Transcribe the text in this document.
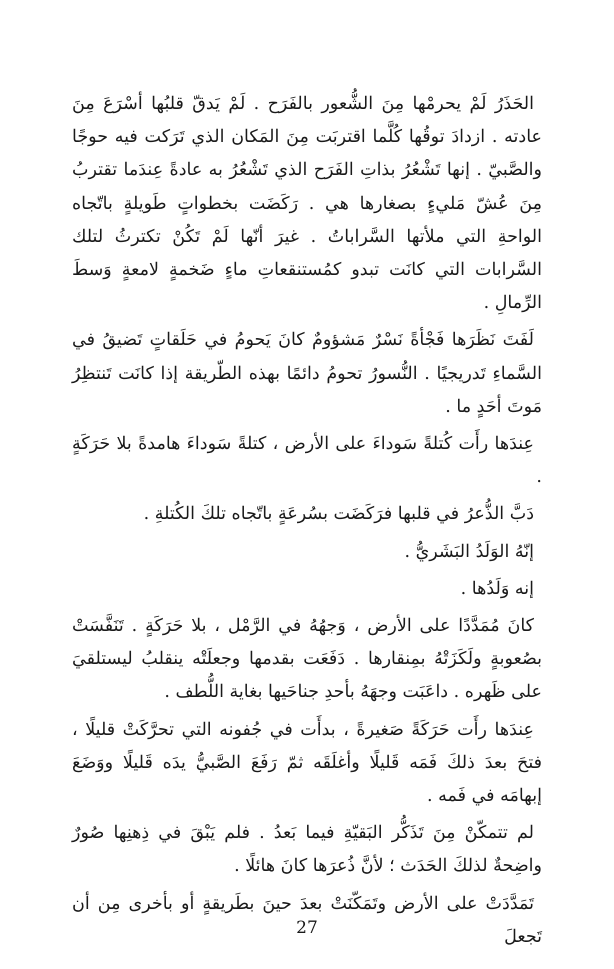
الحَذَرُ لَمْ يحرمْها مِنَ الشُّعور بالفَرَح . لَمْ يَدقّ قلبُها أسْرَعَ مِنَ عادته . ازدادَ توقُها كُلَّما اقتربَت مِنَ المَكان الذي تَرَكت فيه حوجًا والصَّبيّ . إنها تَشْعُرُ بذاتِ الفَرَح الذي تَشْعُرُ به عادةً عِندَما تقتربُ مِنَ عُشّ مَليءٍ بصغارها هي . رَكَضَت بخطواتٍ طَويلةٍ باتّجاه الواحةِ التي ملأتها السَّراباتُ . غيرَ أنّها لَمْ تَكُنْ تكترثُ لتلك السَّرابات التي كانَت تبدو كمُستنقعاتِ ماءٍ ضَخمةٍ لامعةٍ وَسطَ الرِّمالِ .

لَفَتَ نَظَرَها فَجْأةً نَسْرٌ مَشؤومٌ كانَ يَحومُ في حَلَقاتٍ تَضيقُ في السَّماءِ تَدريجيًا . النُّسورُ تحومُ دائمًا بهذه الطّريقة إذا كانَت تَنتظِرُ مَوتَ أحَدٍ ما .

عِندَها رأَت كُتلةً سَوداءَ على الأرض ، كتلةً سَوداءَ هامدةً بلا حَرَكَةٍ .

دَبَّ الذُّعرُ في قلبها فرَكَضَت بسُرعَةٍ باتّجاه تلكَ الكُتلةِ .

إنّهُ الوَلَدُ البَشَريُّ .

إنه وَلَدُها .

كانَ مُمَدَّدًا على الأرض ، وَجهُهُ في الرَّمْل ، بلا حَرَكَةٍ . تَنَفَّسَتْ بصُعوبةٍ ولَكَزَتْهُ بمِنقارها . دَفَعَت بقدمها وجعلَتْه ينقلبُ ليستلقيَ على ظَهره . داعَبَت وجهَهُ بأحدِ جناحَيها بغاية اللُّطف .

عِندَها رأَت حَرَكَةً صَغيرةً ، بدأَت في جُفونه التي تحرَّكَتْ قليلًا ، فتحَ بعدَ ذلكَ فَمَه قَليلًا وأغلَقَه ثمّ رَفَعَ الصَّبيُّ يدَه قَليلًا ووَضَعَ إبهامَه في فَمه .

لم تتمكّنْ مِنَ تَذَكُّر البَقيّةِ فيما بَعدُ . فلم يَبْقَ في ذِهنِها صُورٌ واضِحةٌ لذلكَ الحَدَث ؛ لأنَّ ذُعرَها كانَ هائلًا .

تَمَدَّدَتْ على الأرض وتَمَكّنَتْ بعدَ حينَ بطَريقةٍ أو بأخرى مِن أن تَجعلَ

27
